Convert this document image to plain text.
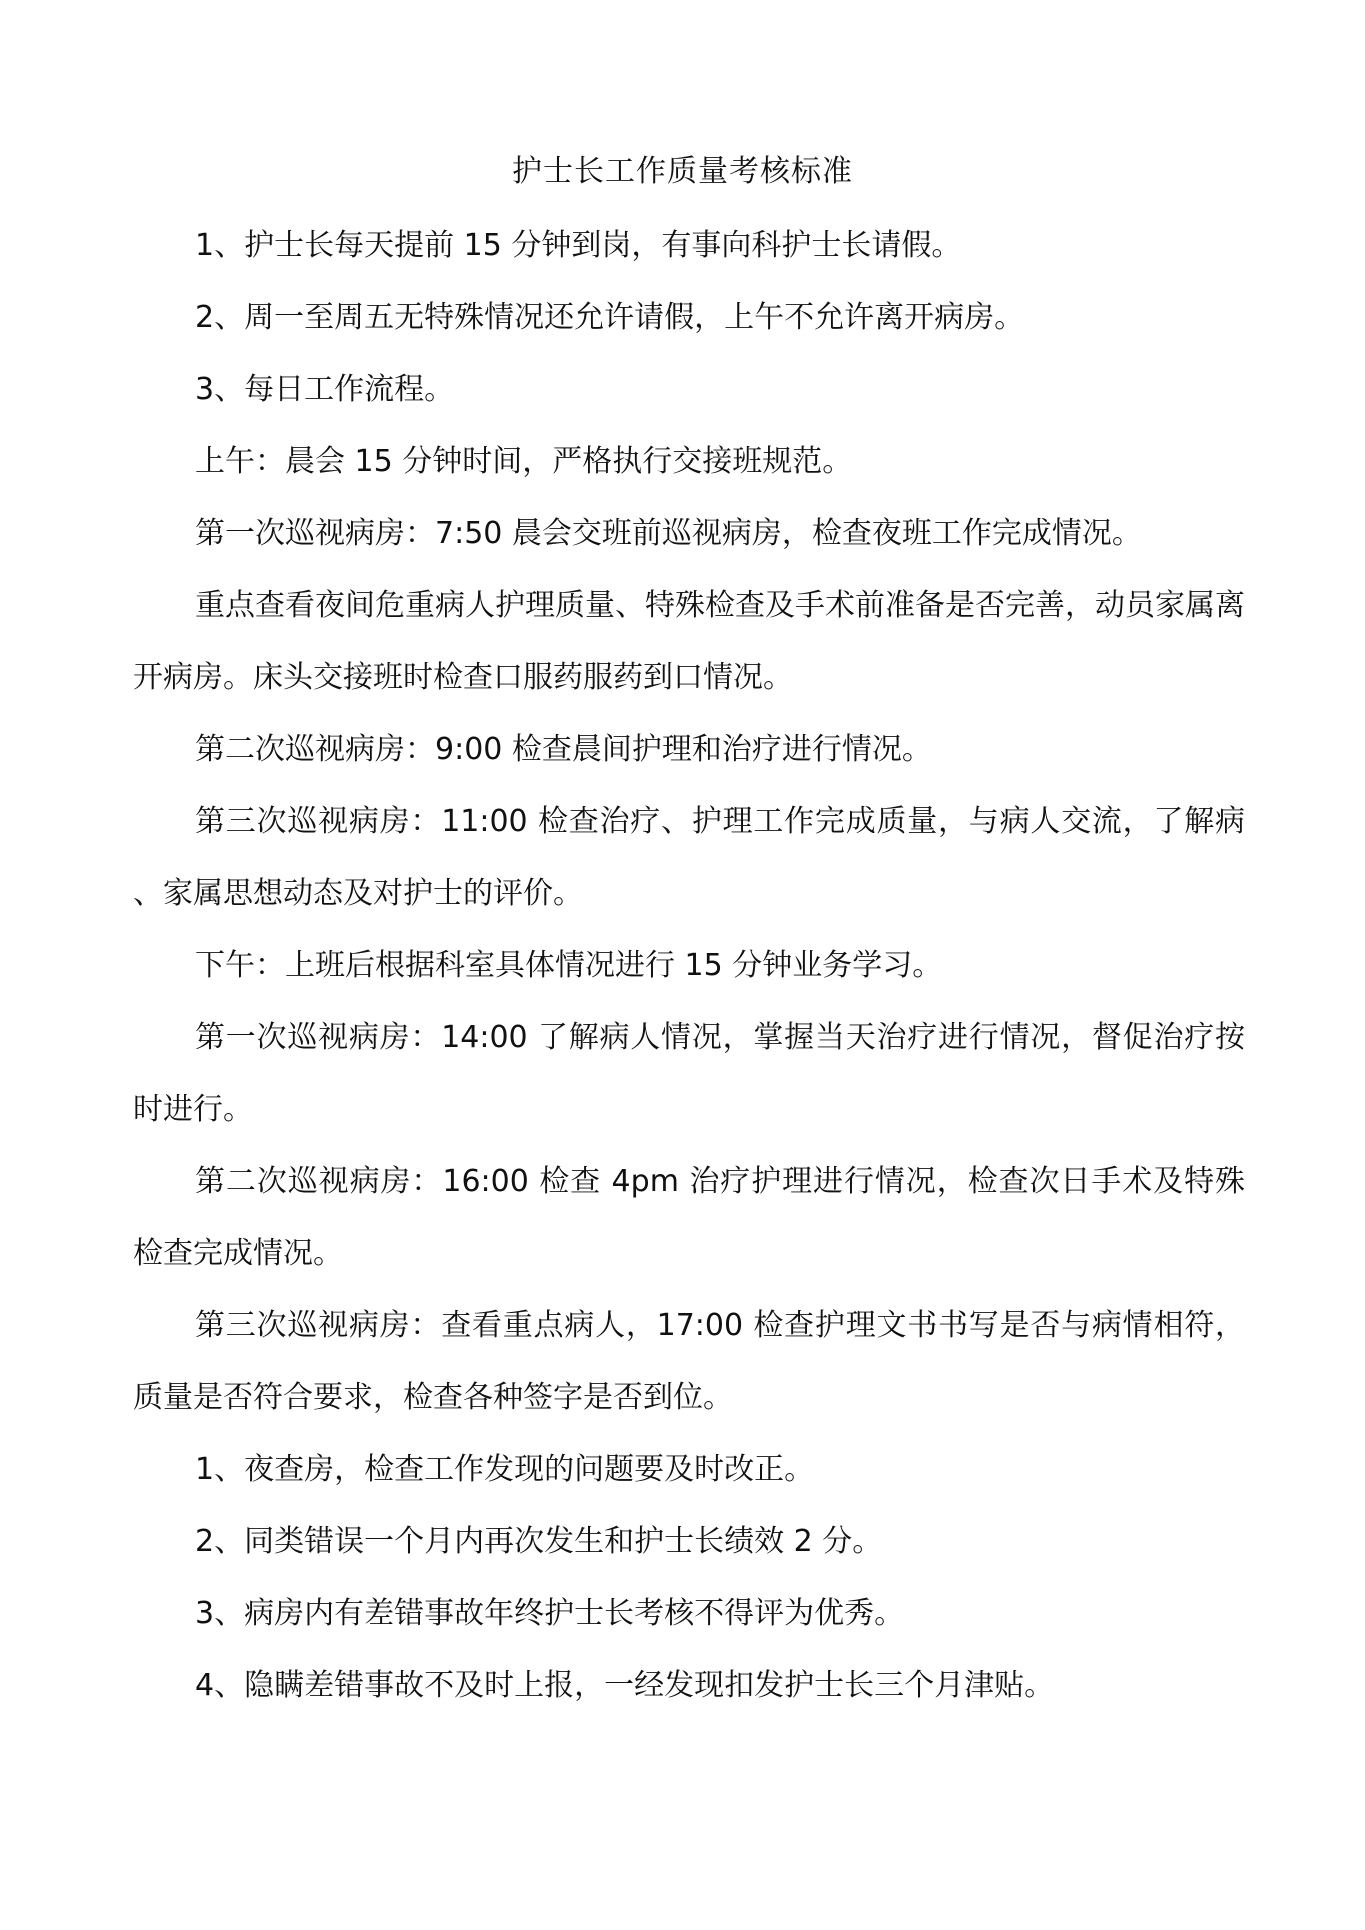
护士长工作质量考核标准

1、护士长每天提前 15 分钟到岗，有事向科护士长请假。

2、周一至周五无特殊情况还允许请假，上午不允许离开病房。

3、每日工作流程。

上午：晨会 15 分钟时间，严格执行交接班规范。

第一次巡视病房：7:50 晨会交班前巡视病房，检查夜班工作完成情况。

重点查看夜间危重病人护理质量、特殊检查及手术前准备是否完善，动员家属离开病房。床头交接班时检查口服药服药到口情况。

第二次巡视病房：9:00 检查晨间护理和治疗进行情况。

第三次巡视病房：11:00 检查治疗、护理工作完成质量，与病人交流，了解病 、家属思想动态及对护士的评价。

下午：上班后根据科室具体情况进行 15 分钟业务学习。

第一次巡视病房：14:00 了解病人情况，掌握当天治疗进行情况，督促治疗按时进行。

第二次巡视病房：16:00 检查 4pm 治疗护理进行情况，检查次日手术及特殊检查完成情况。

第三次巡视病房：查看重点病人，17:00 检查护理文书书写是否与病情相符，质量是否符合要求，检查各种签字是否到位。

1、夜查房，检查工作发现的问题要及时改正。

2、同类错误一个月内再次发生和护士长绩效 2 分。

3、病房内有差错事故年终护士长考核不得评为优秀。

4、隐瞒差错事故不及时上报，一经发现扣发护士长三个月津贴。
